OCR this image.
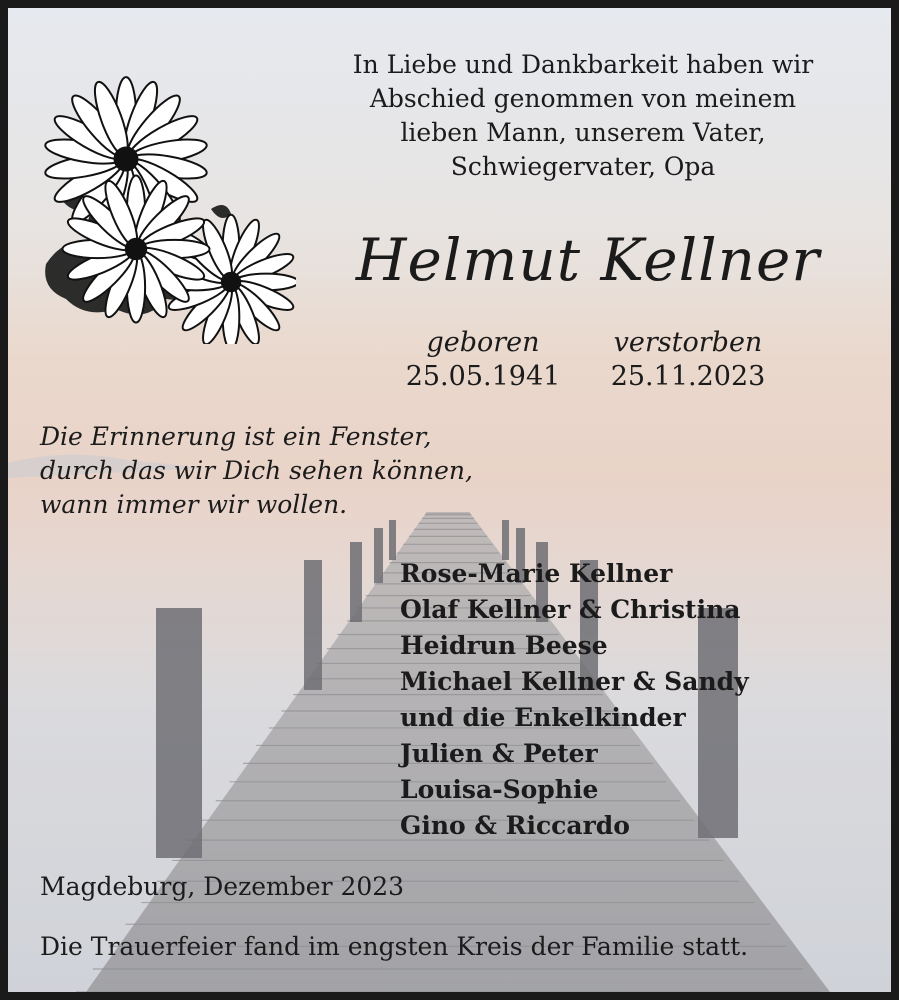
In Liebe und Dankbarkeit haben wir
Abschied genommen von meinem
lieben Mann, unserem Vater,
Schwiegervater, Opa
Helmut Kellner
geboren
25.05.1941
verstorben
25.11.2023
Die Erinnerung ist ein Fenster,
durch das wir Dich sehen können,
wann immer wir wollen.
Rose-Marie Kellner
Olaf Kellner & Christina
Heidrun Beese
Michael Kellner & Sandy
und die Enkelkinder
Julien & Peter
Louisa-Sophie
Gino & Riccardo
Magdeburg, Dezember 2023
Die Trauerfeier fand im engsten Kreis der Familie statt.
